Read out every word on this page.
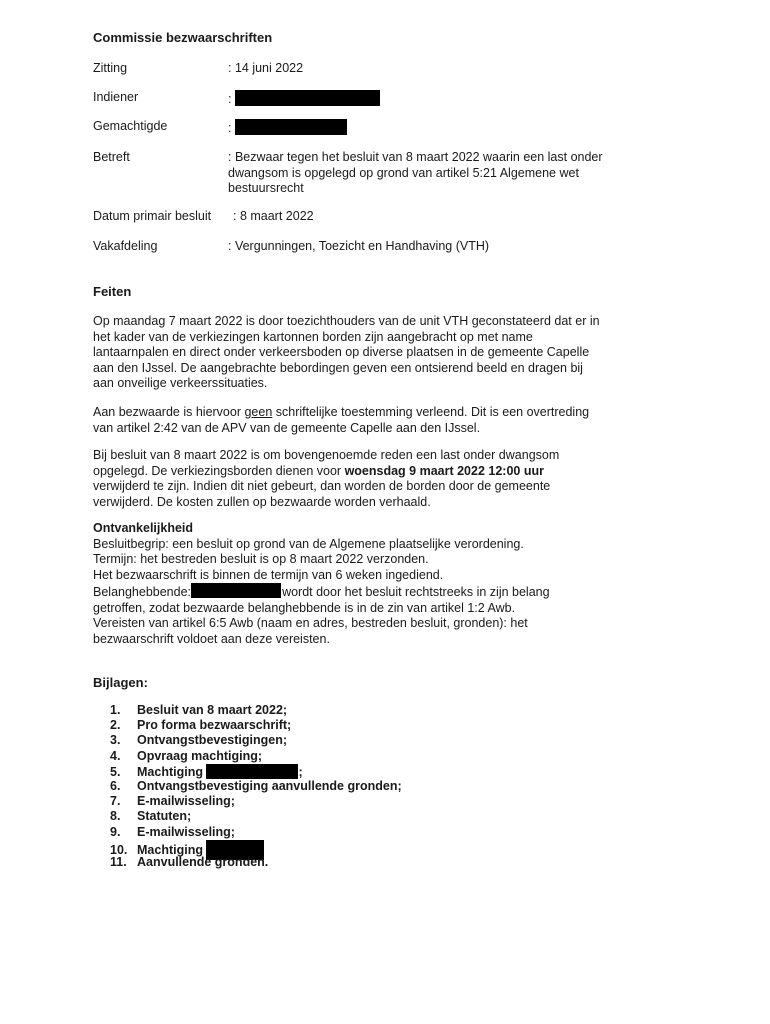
Commissie bezwaarschriften
Zitting	: 14 juni 2022
Indiener	:
Gemachtigde	:
Betreft	: Bezwaar tegen het besluit van 8 maart 2022 waarin een last onder dwangsom is opgelegd op grond van artikel 5:21 Algemene wet bestuursrecht
Datum primair besluit : 8 maart 2022
Vakafdeling	: Vergunningen, Toezicht en Handhaving (VTH)
Feiten

Op maandag 7 maart 2022 is door toezichthouders van de unit VTH geconstateerd dat er in het kader van de verkiezingen kartonnen borden zijn aangebracht op met name lantaarnpalen en direct onder verkeersboden op diverse plaatsen in de gemeente Capelle aan den IJssel. De aangebrachte bebordingen geven een ontsierend beeld en dragen bij aan onveilige verkeerssituaties.

Aan bezwaarde is hiervoor geen schriftelijke toestemming verleend. Dit is een overtreding van artikel 2:42 van de APV van de gemeente Capelle aan den IJssel.

Bij besluit van 8 maart 2022 is om bovengenoemde reden een last onder dwangsom opgelegd. De verkiezingsborden dienen voor woensdag 9 maart 2022 12:00 uur verwijderd te zijn. Indien dit niet gebeurt, dan worden de borden door de gemeente verwijderd. De kosten zullen op bezwaarde worden verhaald.

Ontvankelijkheid

Besluitbegrip: een besluit op grond van de Algemene plaatselijke verordening.

Termijn: het bestreden besluit is op 8 maart 2022 verzonden.

Het bezwaarschrift is binnen de termijn van 6 weken ingediend.

Belanghebbende: 	wordt door het besluit rechtstreeks in zijn belang getroffen, zodat bezwaarde belanghebbende is in de zin van artikel 1:2 Awb.

Vereisten van artikel 6:5 Awb (naam en adres, bestreden besluit, gronden): het bezwaarschrift voldoet aan deze vereisten.

Bijlagen:
1. Besluit van 8 maart 2022;
2. Pro forma bezwaarschrift;
3. Ontvangstbevestigingen;
4. Opvraag machtiging;
5. Machtiging	;
6. Ontvangstbevestiging aanvullende gronden;
7. E-mailwisseling;
8. Statuten;
9. E-mailwisseling;
10. Machtiging
11. Aanvullende gronden.
